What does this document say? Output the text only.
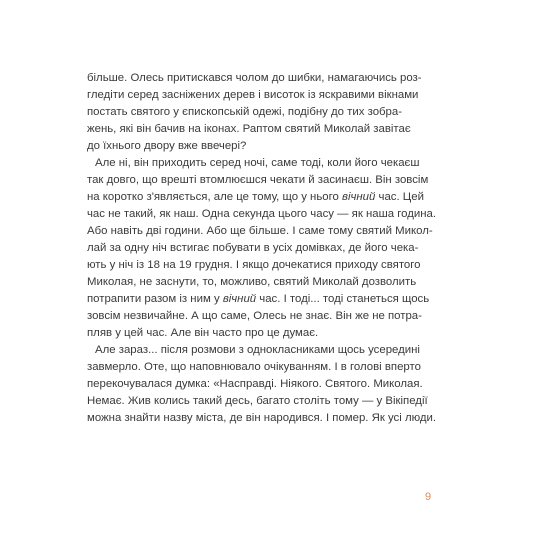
більше. Олесь притискався чолом до шибки, намагаючись роз-
гледіти серед засніжених дерев і висоток із яскравими вікнами
постать святого у єпископській одежі, подібну до тих зобра-
жень, які він бачив на іконах. Раптом святий Миколай завітає
до їхнього двору вже ввечері?
Але ні, він приходить серед ночі, саме тоді, коли його чекаєш
так довго, що врешті втомлюєшся чекати й засинаєш. Він зовсім
на коротко з'являється, але це тому, що у нього вічний час. Цей
час не такий, як наш. Одна секунда цього часу — як наша година.
Або навіть дві години. Або ще більше. І саме тому святий Микол-
лай за одну ніч встигає побувати в усіх домівках, де його чека-
ють у ніч із 18 на 19 грудня. І якщо дочекатися приходу святого
Миколая, не заснути, то, можливо, святий Миколай дозволить
потрапити разом із ним у вічний час. І тоді... тоді станеться щось
зовсім незвичайне. А що саме, Олесь не знає. Він же не потра-
пляв у цей час. Але він часто про це думає.
Але зараз... після розмови з однокласниками щось усередині
завмерло. Оте, що наповнювало очікуванням. І в голові вперто
перекочувалася думка: «Насправді. Ніякого. Святого. Миколая.
Немає. Жив колись такий десь, багато століть тому — у Вікіпедії
можна знайти назву міста, де він народився. І помер. Як усі люди.
9
